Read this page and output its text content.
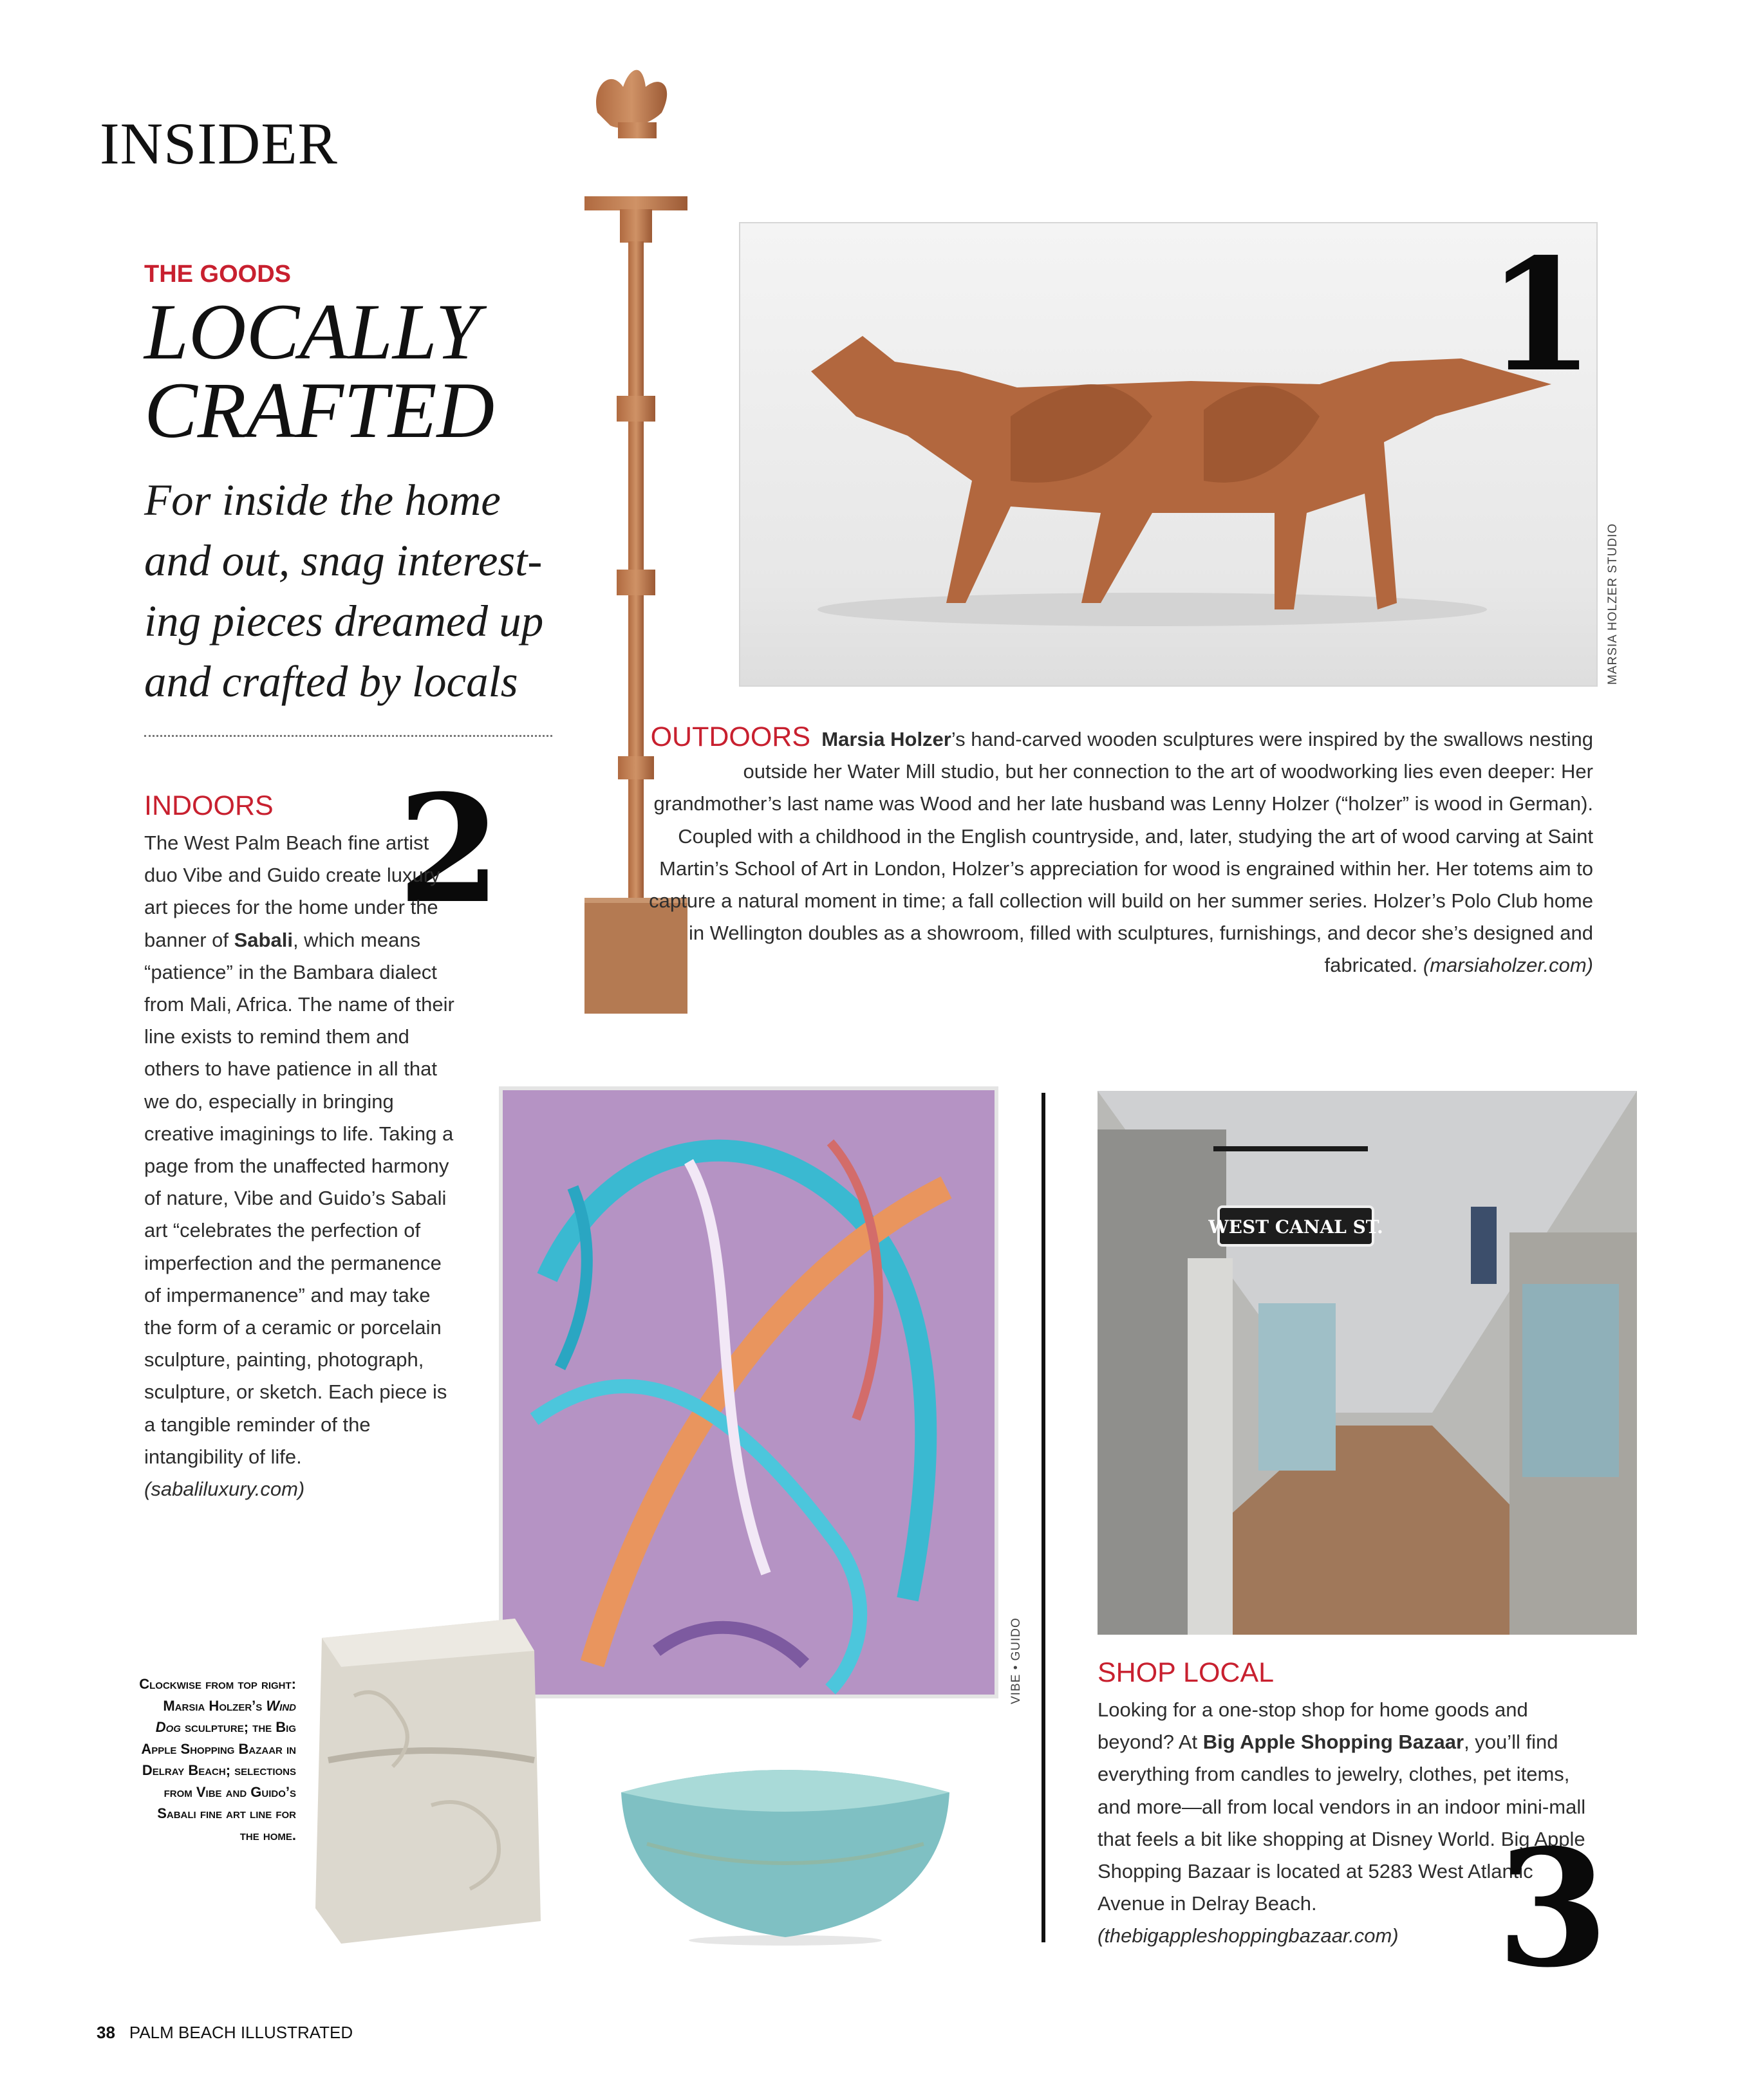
INSIDER
THE GOODS
LOCALLY
CRAFTED
For inside the home
and out, snag interest-
ing pieces dreamed up
and crafted by locals
1
MARSIA HOLZER STUDIO
OUTDOORS Marsia Holzer’s hand-carved wooden sculptures were inspired by the swallows nesting outside her Water Mill studio, but her connection to the art of woodworking lies even deeper: Her grandmother’s last name was Wood and her late husband was Lenny Holzer (“holzer” is wood in German). Coupled with a childhood in the English countryside, and, later, studying the art of wood carving at Saint Martin’s School of Art in London, Holzer’s appreciation for wood is engrained within her. Her totems aim to capture a natural moment in time; a fall collection will build on her summer series. Holzer’s Polo Club home in Wellington doubles as a showroom, filled with sculptures, furnishings, and decor she’s designed and fabricated. (marsiaholzer.com)
INDOORS 2
The West Palm Beach fine artist duo Vibe and Guido create luxury art pieces for the home under the banner of Sabali, which means “patience” in the Bambara dialect from Mali, Africa. The name of their line exists to remind them and others to have patience in all that we do, especially in bringing creative imaginings to life. Taking a page from the unaffected harmony of nature, Vibe and Guido’s Sabali art “celebrates the perfection of imperfection and the permanence of impermanence” and may take the form of a ceramic or porcelain sculpture, painting, photograph, sculpture, or sketch. Each piece is a tangible reminder of the intangibility of life. (sabaliluxury.com)
VIBE • GUIDO
WEST CANAL ST.
Clockwise from top right: Marsia Holzer’s Wind Dog sculpture; the Big Apple Shopping Bazaar in Delray Beach; selections from Vibe and Guido’s Sabali fine art line for the home.
SHOP LOCAL
Looking for a one-stop shop for home goods and beyond? At Big Apple Shopping Bazaar, you’ll find everything from candles to jewelry, clothes, pet items, and more—all from local vendors in an indoor mini-mall that feels a bit like shopping at Disney World. Big Apple Shopping Bazaar is located at 5283 West Atlantic Avenue in Delray Beach.
(thebigappleshoppingbazaar.com) 3
38 PALM BEACH ILLUSTRATED
